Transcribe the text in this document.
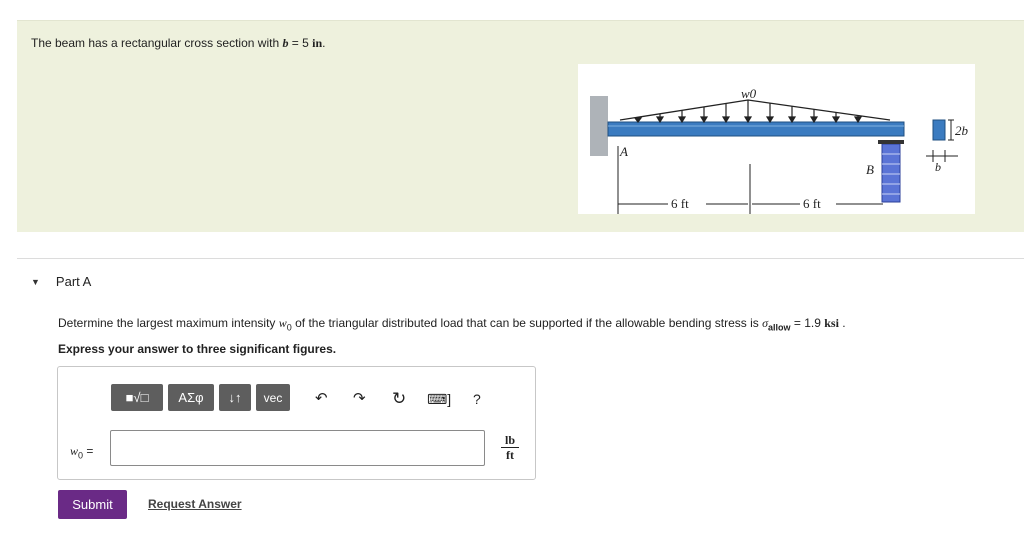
The beam has a rectangular cross section with b = 5 in.
w0
A
B
6 ft	6 ft
2b
b
▼ Part A
Determine the largest maximum intensity $w_0$ of the triangular distributed load that can be supported if the allowable bending stress is $\sigma_{allow} = 1.9$ ksi .
Express your answer to three significant figures.
■√□	ΑΣφ	↓↑	vec	↶ ↷ ↻ ⌨] ?
$w_0$ =	$\frac{lb}{ft}$
Submit	Request Answer
